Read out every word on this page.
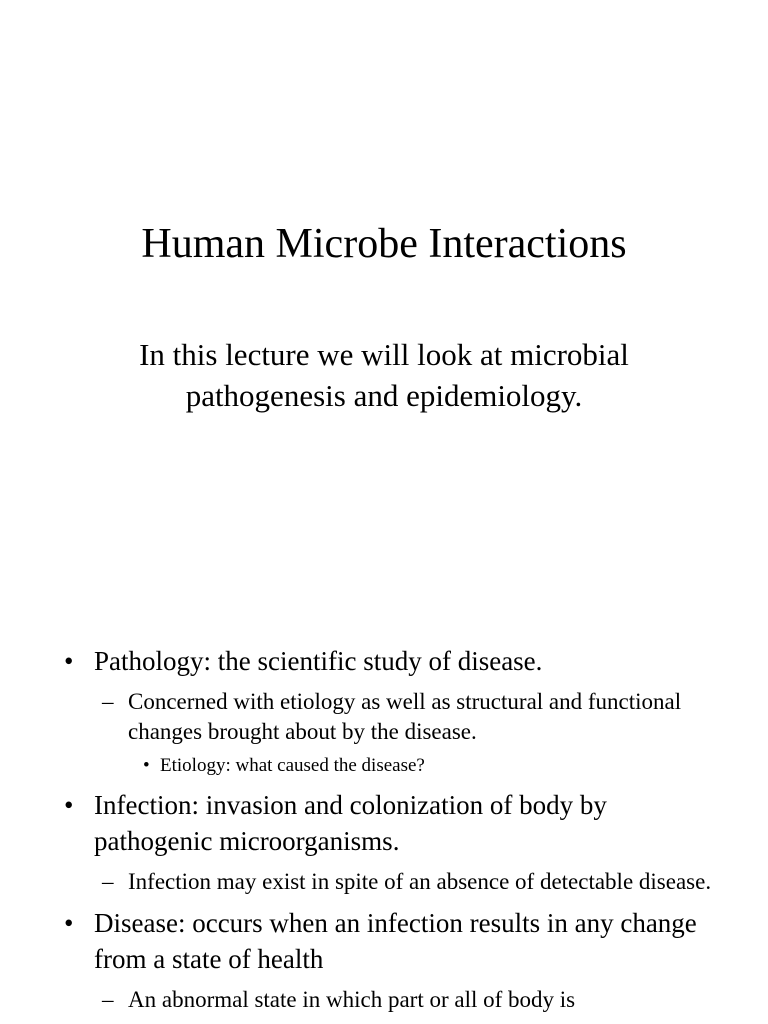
Human Microbe Interactions

In this lecture we will look at microbial pathogenesis and epidemiology.

• Pathology: the scientific study of disease.
– Concerned with etiology as well as structural and functional changes brought about by the disease.
• Etiology: what caused the disease?
• Infection: invasion and colonization of body by pathogenic microorganisms.
– Infection may exist in spite of an absence of detectable disease.
• Disease: occurs when an infection results in any change from a state of health
– An abnormal state in which part or all of body is
